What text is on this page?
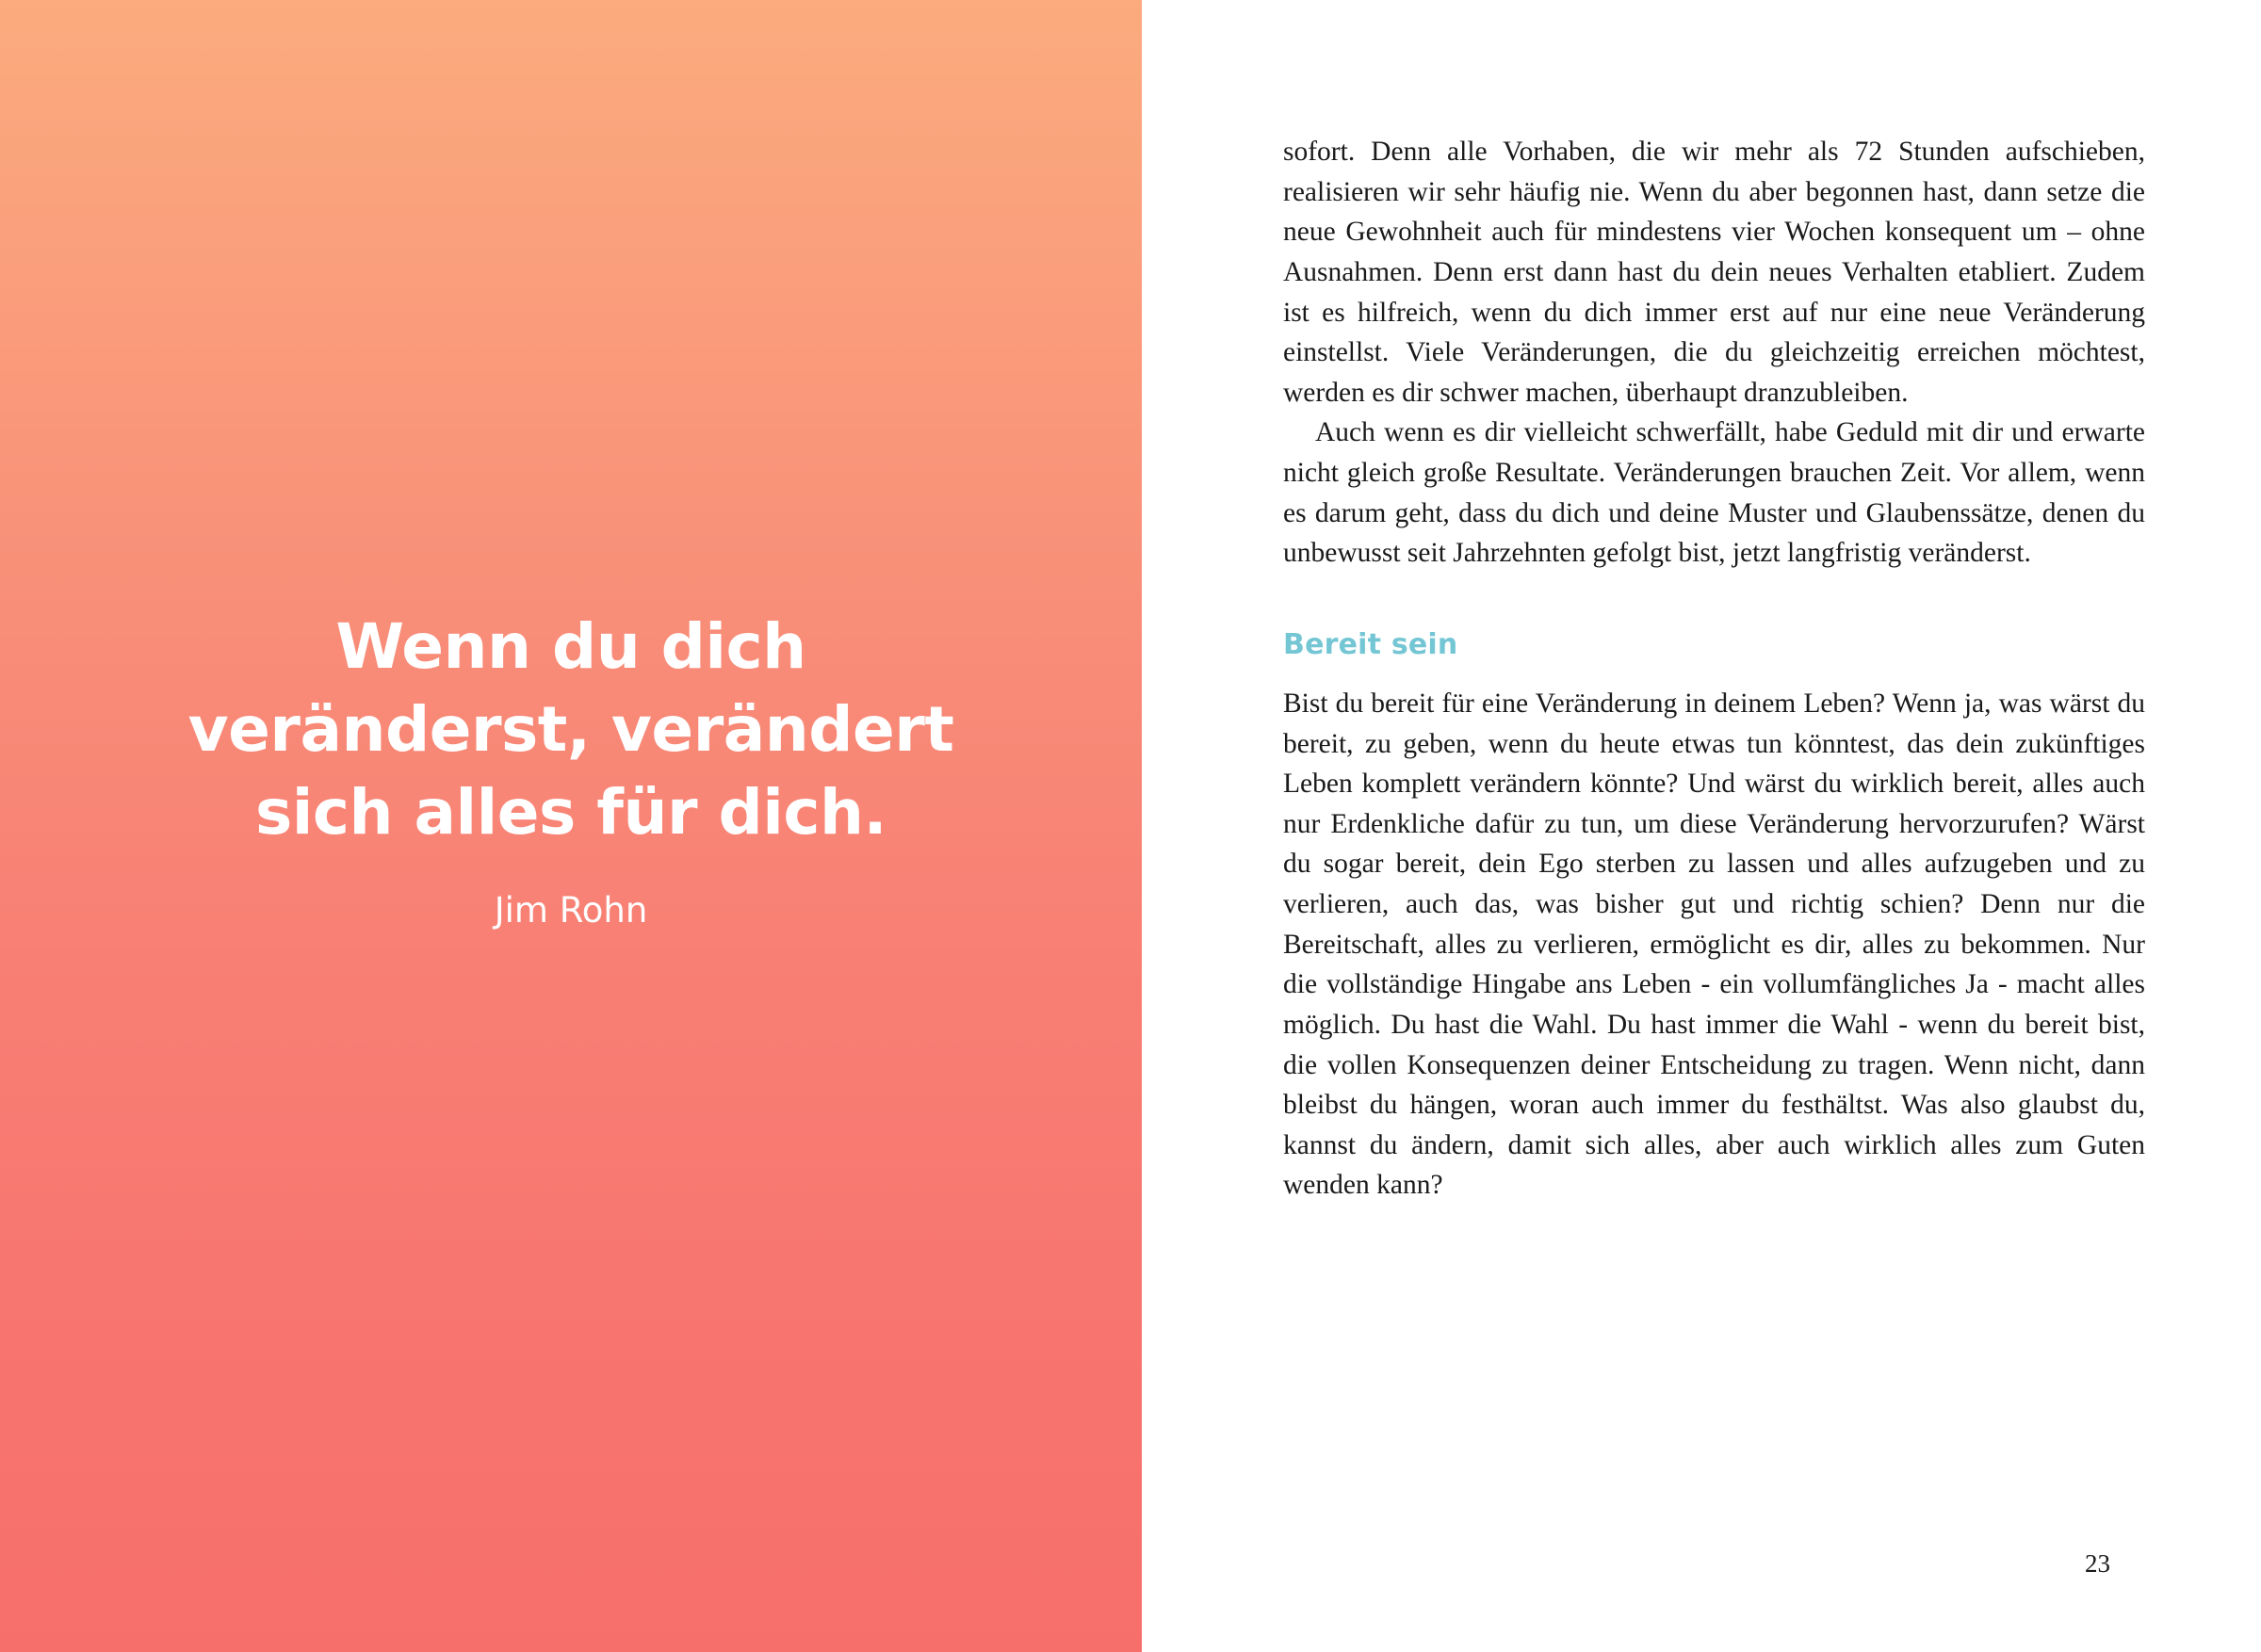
Wenn du dich veränderst, verändert sich alles für dich.

Jim Rohn

sofort. Denn alle Vorhaben, die wir mehr als 72 Stunden aufschieben, realisieren wir sehr häufig nie. Wenn du aber begonnen hast, dann setze die neue Gewohnheit auch für mindestens vier Wochen konsequent um – ohne Ausnahmen. Denn erst dann hast du dein neues Verhalten etabliert. Zudem ist es hilfreich, wenn du dich immer erst auf nur eine neue Veränderung einstellst. Viele Veränderungen, die du gleichzeitig erreichen möchtest, werden es dir schwer machen, überhaupt dranzubleiben.

Auch wenn es dir vielleicht schwerfällt, habe Geduld mit dir und erwarte nicht gleich große Resultate. Veränderungen brauchen Zeit. Vor allem, wenn es darum geht, dass du dich und deine Muster und Glaubenssätze, denen du unbewusst seit Jahrzehnten gefolgt bist, jetzt langfristig veränderst.

Bereit sein

Bist du bereit für eine Veränderung in deinem Leben? Wenn ja, was wärst du bereit, zu geben, wenn du heute etwas tun könntest, das dein zukünftiges Leben komplett verändern könnte? Und wärst du wirklich bereit, alles auch nur Erdenkliche dafür zu tun, um diese Veränderung hervorzurufen? Wärst du sogar bereit, dein Ego sterben zu lassen und alles aufzugeben und zu verlieren, auch das, was bisher gut und richtig schien? Denn nur die Bereitschaft, alles zu verlieren, ermöglicht es dir, alles zu bekommen. Nur die vollständige Hingabe ans Leben - ein vollumfängliches Ja - macht alles möglich. Du hast die Wahl. Du hast immer die Wahl - wenn du bereit bist, die vollen Konsequenzen deiner Entscheidung zu tragen. Wenn nicht, dann bleibst du hängen, woran auch immer du festhältst. Was also glaubst du, kannst du ändern, damit sich alles, aber auch wirklich alles zum Guten wenden kann?

23
